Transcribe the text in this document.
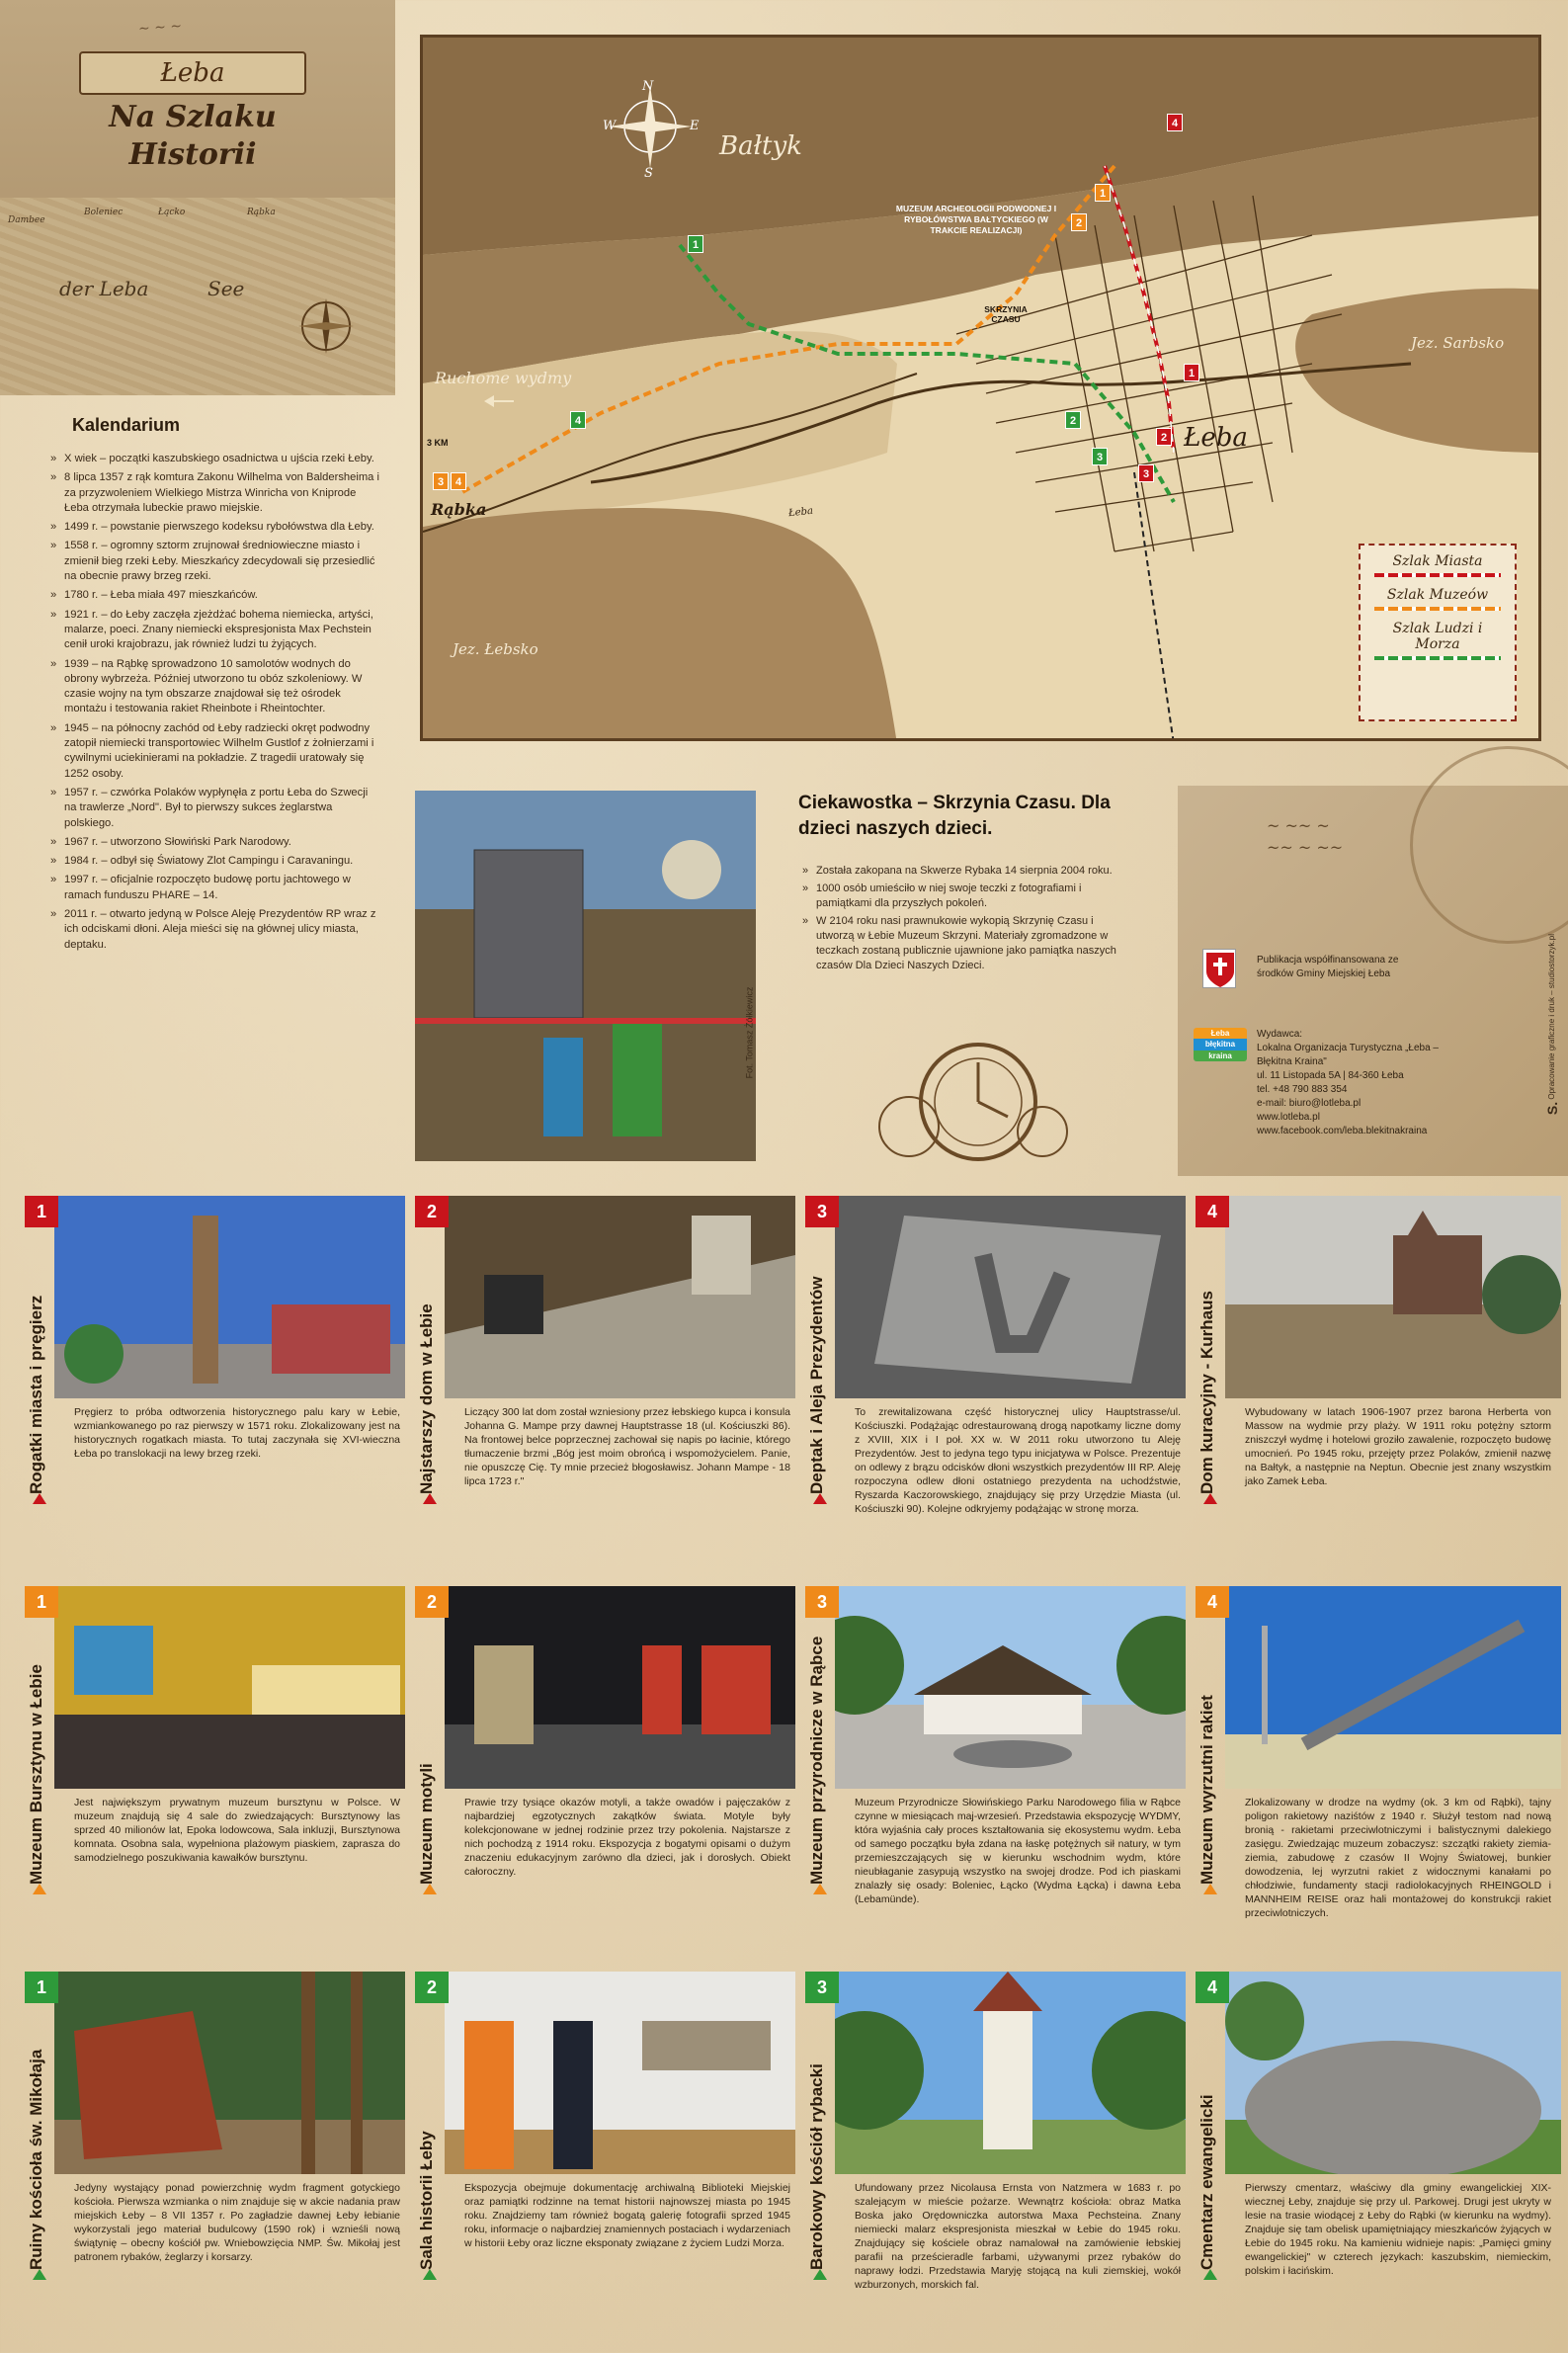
~ ~ ~
Łeba
Na Szlaku
Historii
Dambee
Boleniec	Łącko	Rąbka
der Leba	See
N
W	E
S
Bałtyk
Ruchome wydmy
Łeba
Jez. Łebsko
Jez. Sarbsko
Rąbka	Łeba
3 KM
MUZEUM ARCHEOLOGII PODWODNEJ I RYBOŁÓWSTWA BAŁTYCKIEGO (W TRAKCIE REALIZACJI)
SKRZYNIA CZASU
1
2
3
4
1
2
3	4
1
2
3
4
Szlak Miasta
Szlak Muzeów
Szlak Ludzi i Morza
Kalendarium
» X wiek – początki kaszubskiego osadnictwa u ujścia rzeki Łeby.
» 8 lipca 1357 z rąk komtura Zakonu Wilhelma von Baldersheima i za przyzwoleniem Wielkiego Mistrza Winricha von Kniprode Łeba otrzymała lubeckie prawo miejskie.
» 1499 r. – powstanie pierwszego kodeksu rybołówstwa dla Łeby.
» 1558 r. – ogromny sztorm zrujnował średniowieczne miasto i zmienił bieg rzeki Łeby. Mieszkańcy zdecydowali się przesiedlić na obecnie prawy brzeg rzeki.
» 1780 r. – Łeba miała 497 mieszkańców.
» 1921 r. – do Łeby zaczęła zjeżdżać bohema niemiecka, artyści, malarze, poeci. Znany niemiecki ekspresjonista Max Pechstein cenił uroki krajobrazu, jak również ludzi tu żyjących.
» 1939 – na Rąbkę sprowadzono 10 samolotów wodnych do obrony wybrzeża. Później utworzono tu obóz szkoleniowy. W czasie wojny na tym obszarze znajdował się też ośrodek montażu i testowania rakiet Rheinbote i Rheintochter.
» 1945 – na północny zachód od Łeby radziecki okręt podwodny zatopił niemiecki transportowiec Wilhelm Gustlof z żołnierzami i cywilnymi uciekinierami na pokładzie. Z tragedii uratowały się 1252 osoby.
» 1957 r. – czwórka Polaków wypłynęła z portu Łeba do Szwecji na trawlerze „Nord". Był to pierwszy sukces żeglarstwa polskiego.
» 1967 r. – utworzono Słowiński Park Narodowy.
» 1984 r. – odbył się Światowy Zlot Campingu i Caravaningu.
» 1997 r. – oficjalnie rozpoczęto budowę portu jachtowego w ramach funduszu PHARE – 14.
» 2011 r. – otwarto jedyną w Polsce Aleję Prezydentów RP wraz z ich odciskami dłoni. Aleja mieści się na głównej ulicy miasta, deptaku.
Fot. Tomasz Żółkiewicz
Ciekawostka – Skrzynia Czasu. Dla dzieci naszych dzieci.
» Została zakopana na Skwerze Rybaka 14 sierpnia 2004 roku.
» 1000 osób umieściło w niej swoje teczki z fotografiami i pamiątkami dla przyszłych pokoleń.
» W 2104 roku nasi prawnukowie wykopią Skrzynię Czasu i utworzą w Łebie Muzeum Skrzyni. Materiały zgromadzone w teczkach zostaną publicznie ujawnione jako pamiątka naszych czasów Dla Dzieci Naszych Dzieci.
~ ~~ ~
~~ ~ ~~
Publikacja współfinansowana ze środków Gminy Miejskiej Łeba
Łeba
błękitna
kraina
Wydawca:
Lokalna Organizacja Turystyczna „Łeba – Błękitna Kraina"
ul. 11 Listopada 5A | 84-360 Łeba
tel. +48 790 883 354
e-mail: biuro@lotleba.pl
www.lotleba.pl
www.facebook.com/leba.blekitnakraina
S. Opracowanie graficzne i druk – studiostorzyk.pl
1
Rogatki miasta i pręgierz	Pręgierz to próba odtworzenia historycznego palu kary w Łebie, wzmiankowanego po raz pierwszy w 1571 roku. Zlokalizowany jest na historycznych rogatkach miasta. To tutaj zaczynała się XVI-wieczna Łeba po translokacji na lewy brzeg rzeki.
2
Najstarszy dom w Łebie	Liczący 300 lat dom został wzniesiony przez łebskiego kupca i konsula Johanna G. Mampe przy dawnej Hauptstrasse 18 (ul. Kościuszki 86). Na frontowej belce poprzecznej zachował się napis po łacinie, którego tłumaczenie brzmi „Bóg jest moim obrońcą i wspomożycielem. Panie, nie opuszczę Cię. Ty mnie przecież błogosławisz. Johann Mampe - 18 lipca 1723 r."
3
Deptak i Aleja Prezydentów	To zrewitalizowana część historycznej ulicy Hauptstrasse/ul. Kościuszki. Podążając odrestaurowaną drogą napotkamy liczne domy z XVIII, XIX i I poł. XX w. W 2011 roku utworzono tu Aleję Prezydentów. Jest to jedyna tego typu inicjatywa w Polsce. Prezentuje on odlewy z brązu odcisków dłoni wszystkich prezydentów III RP. Aleję rozpoczyna odlew dłoni ostatniego prezydenta na uchodźstwie, Ryszarda Kaczorowskiego, znajdujący się przy Urzędzie Miasta (ul. Kościuszki 90). Kolejne odkryjemy podążając w stronę morza.
4
Dom kuracyjny - Kurhaus	Wybudowany w latach 1906-1907 przez barona Herberta von Massow na wydmie przy plaży. W 1911 roku potężny sztorm zniszczył wydmę i hotelowi groziło zawalenie, rozpoczęto budowę umocnień. Po 1945 roku, przejęty przez Polaków, zmienił nazwę na Bałtyk, a następnie na Neptun. Obecnie jest znany wszystkim jako Zamek Łeba.
1
Muzeum Bursztynu w Łebie	Jest największym prywatnym muzeum bursztynu w Polsce. W muzeum znajdują się 4 sale do zwiedzających: Bursztynowy las sprzed 40 milionów lat, Epoka lodowcowa, Sala inkluzji, Bursztynowa komnata. Osobna sala, wypełniona plażowym piaskiem, zaprasza do samodzielnego poszukiwania kawałków bursztynu.
2
Muzeum motyli	Prawie trzy tysiące okazów motyli, a także owadów i pajęczaków z najbardziej egzotycznych zakątków świata. Motyle były kolekcjonowane w jednej rodzinie przez trzy pokolenia. Najstarsze z nich pochodzą z 1914 roku. Ekspozycja z bogatymi opisami o dużym znaczeniu edukacyjnym zarówno dla dzieci, jak i dorosłych. Obiekt całoroczny.
3
Muzeum przyrodnicze w Rąbce	Muzeum Przyrodnicze Słowińskiego Parku Narodowego filia w Rąbce czynne w miesiącach maj-wrzesień. Przedstawia ekspozycję WYDMY, która wyjaśnia cały proces kształtowania się ekosystemu wydm. Łeba od samego początku była zdana na łaskę potężnych sił natury, w tym przemieszczających się w kierunku wschodnim wydm, które nieubłaganie zasypują wszystko na swojej drodze. Pod ich piaskami znalazły się osady: Boleniec, Łącko (Wydma Łącka) i dawna Łeba (Lebamünde).
4
Muzeum wyrzutni rakiet	Zlokalizowany w drodze na wydmy (ok. 3 km od Rąbki), tajny poligon rakietowy naziśtów z 1940 r. Służył testom nad nową bronią - rakietami przeciwlotniczymi i balistycznymi dalekiego zasięgu. Zwiedzając muzeum zobaczysz: szczątki rakiety ziemia-ziemia, zabudowę z czasów II Wojny Światowej, bunkier dowodzenia, lej wyrzutni rakiet z widocznymi kanałami po chłodziwie, fundamenty stacji radiolokacyjnych RHEINGOLD i MANNHEIM REISE oraz hali montażowej do konstrukcji rakiet przeciwlotniczych.
1
Ruiny kościoła św. Mikołaja	Jedyny wystający ponad powierzchnię wydm fragment gotyckiego kościoła. Pierwsza wzmianka o nim znajduje się w akcie nadania praw miejskich Łeby – 8 VII 1357 r. Po zagładzie dawnej Łeby łebianie wykorzystali jego materiał budulcowy (1590 rok) i wznieśli nową świątynię – obecny kościół pw. Wniebowzięcia NMP. Św. Mikołaj jest patronem rybaków, żeglarzy i korsarzy.
2
Sala historii Łeby	Ekspozycja obejmuje dokumentację archiwalną Biblioteki Miejskiej oraz pamiątki rodzinne na temat historii najnowszej miasta po 1945 roku. Znajdziemy tam również bogatą galerię fotografii sprzed 1945 roku, informacje o najbardziej znamiennych postaciach i wydarzeniach w historii Łeby oraz liczne eksponaty związane z życiem Ludzi Morza.
3
Barokowy kościół rybacki	Ufundowany przez Nicolausa Ernsta von Natzmera w 1683 r. po szalejącym w mieście pożarze. Wewnątrz kościoła: obraz Matka Boska jako Orędowniczka autorstwa Maxa Pechsteina. Znany niemiecki malarz ekspresjonista mieszkał w Łebie do 1945 roku. Znajdujący się kościele obraz namalował na zamówienie łebskiej parafii na prześcieradle farbami, używanymi przez rybaków do naprawy łodzi. Przedstawia Maryję stojącą na kuli ziemskiej, wokół wzburzonych, morskich fal.
4
Cmentarz ewangelicki	Pierwszy cmentarz, właściwy dla gminy ewangelickiej XIX-wiecznej Łeby, znajduje się przy ul. Parkowej. Drugi jest ukryty w lesie na trasie wiodącej z Łeby do Rąbki (w kierunku na wydmy). Znajduje się tam obelisk upamiętniający mieszkańców żyjących w Łebie do 1945 roku. Na kamieniu widnieje napis: „Pamięci gminy ewangelickiej" w czterech językach: kaszubskim, niemieckim, polskim i łacińskim.
